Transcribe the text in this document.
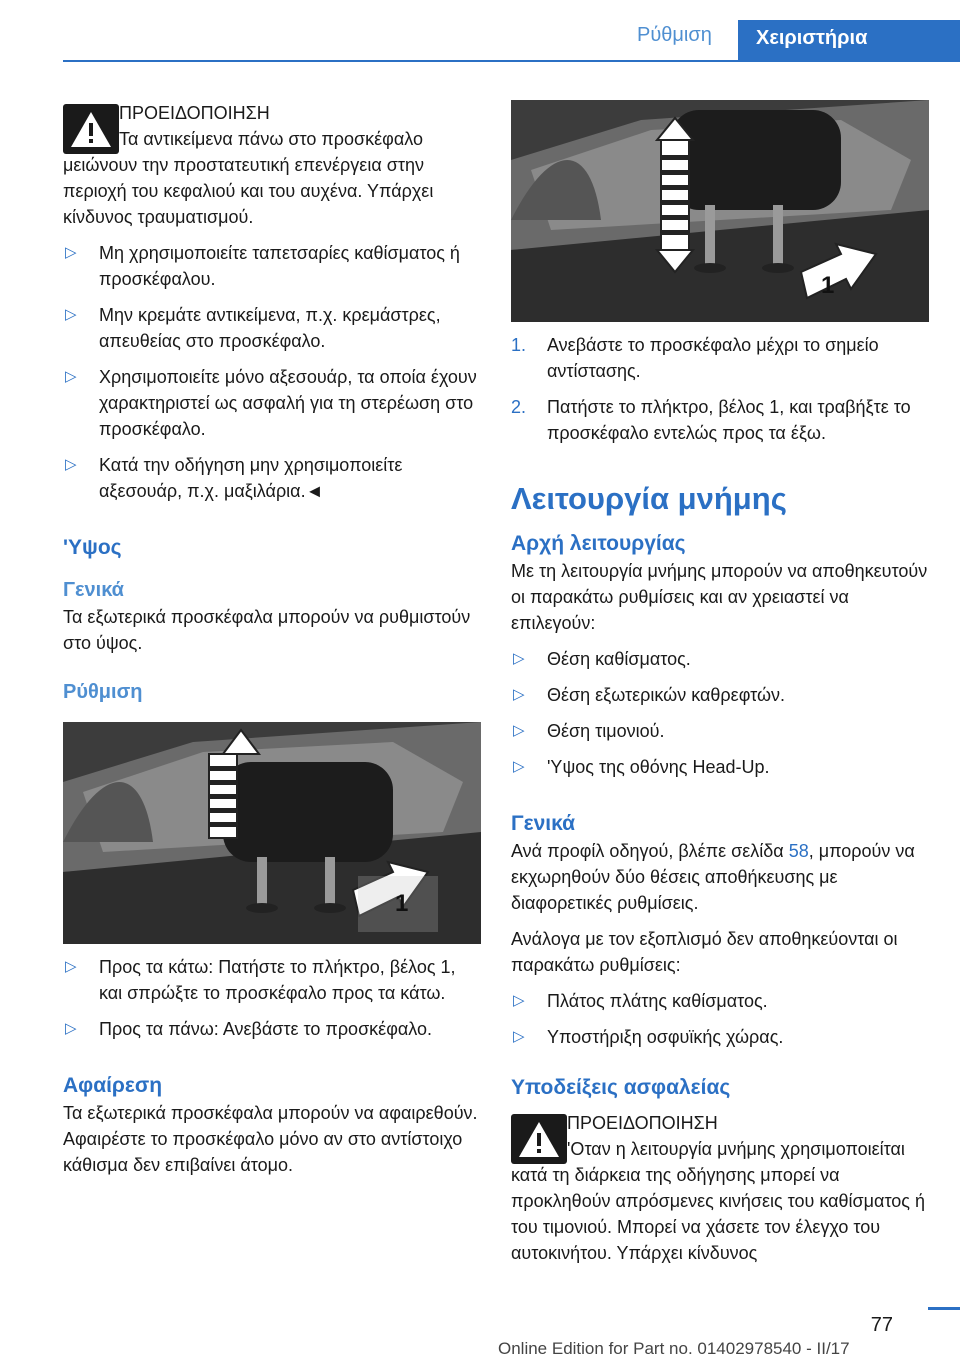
Ρύθμιση	Χειριστήρια
ΠΡΟΕΙΔΟΠΟΙΗΣΗ

Τα αντικείμενα πάνω στο προσκέφαλο μειώνουν την προστατευτική επενέργεια στην περιοχή του κεφαλιού και του αυχένα. Υπάρχει κίνδυνος τραυματισμού.

▷ Μη χρησιμοποιείτε ταπετσαρίες καθίσματος ή προσκέφαλου.
▷ Μην κρεμάτε αντικείμενα, π.χ. κρεμάστρες, απευθείας στο προσκέφαλο.
▷ Χρησιμοποιείτε μόνο αξεσουάρ, τα οποία έχουν χαρακτηριστεί ως ασφαλή για τη στερέωση στο προσκέφαλο.
▷ Κατά την οδήγηση μην χρησιμοποιείτε αξεσουάρ, π.χ. μαξιλάρια.◄
'Υψος
Γενικά

Τα εξωτερικά προσκέφαλα μπορούν να ρυθμιστούν στο ύψος.

Ρύθμιση
1
▷ Προς τα κάτω: Πατήστε το πλήκτρο, βέλος 1, και σπρώξτε το προσκέφαλο προς τα κάτω.
▷ Προς τα πάνω: Ανεβάστε το προσκέφαλο.
Αφαίρεση

Τα εξωτερικά προσκέφαλα μπορούν να αφαιρεθούν. Αφαιρέστε το προσκέφαλο μόνο αν στο αντίστοιχο κάθισμα δεν επιβαίνει άτομο.

1
1. Ανεβάστε το προσκέφαλο μέχρι το σημείο αντίστασης.
2. Πατήστε το πλήκτρο, βέλος 1, και τραβήξτε το προσκέφαλο εντελώς προς τα έξω.
Λειτουργία μνήμης
Αρχή λειτουργίας

Με τη λειτουργία μνήμης μπορούν να αποθηκευτούν οι παρακάτω ρυθμίσεις και αν χρειαστεί να επιλεγούν:

▷ Θέση καθίσματος.
▷ Θέση εξωτερικών καθρεφτών.
▷ Θέση τιμονιού.
▷ 'Υψος της οθόνης Head-Up.
Γενικά

Ανά προφίλ οδηγού, βλέπε σελίδα 58, μπορούν να εκχωρηθούν δύο θέσεις αποθήκευσης με διαφορετικές ρυθμίσεις.

Ανάλογα με τον εξοπλισμό δεν αποθηκεύονται οι παρακάτω ρυθμίσεις:

▷ Πλάτος πλάτης καθίσματος.
▷ Υποστήριξη οσφυϊκής χώρας.
Υποδείξεις ασφαλείας
ΠΡΟΕΙΔΟΠΟΙΗΣΗ

'Οταν η λειτουργία μνήμης χρησιμοποιείται κατά τη διάρκεια της οδήγησης μπορεί να προκληθούν απρόσμενες κινήσεις του καθίσματος ή του τιμονιού. Μπορεί να χάσετε τον έλεγχο του αυτοκινήτου. Υπάρχει κίνδυνος

77
Online Edition for Part no. 01402978540 - II/17
